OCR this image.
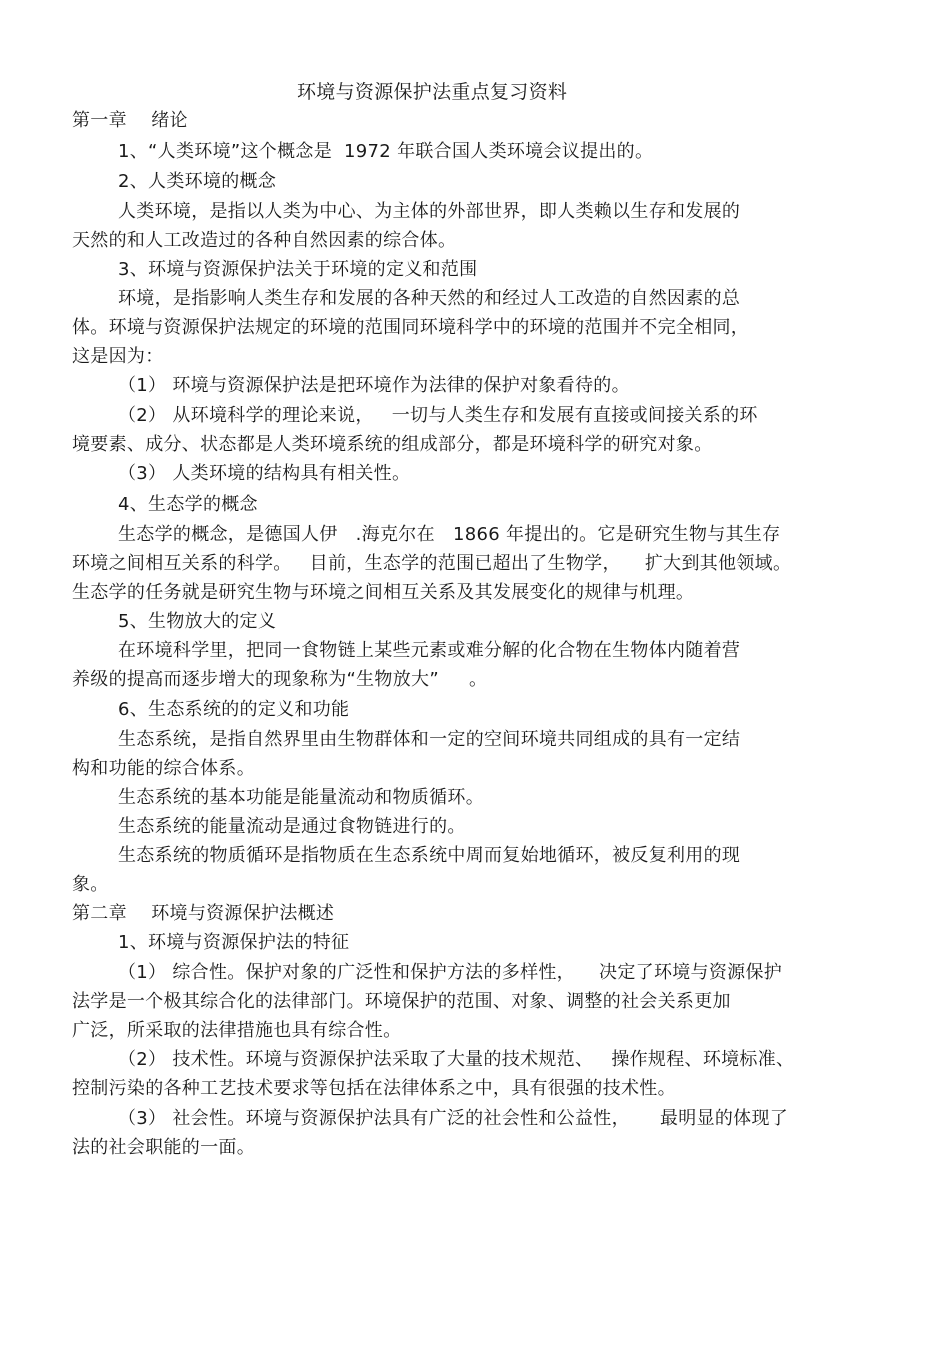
环境与资源保护法重点复习资料
第一章　 绪论
1、“人类环境”这个概念是  1972 年联合国人类环境会议提出的。
2、人类环境的概念
人类环境，是指以人类为中心、为主体的外部世界，即人类赖以生存和发展的
天然的和人工改造过的各种自然因素的综合体。
3、环境与资源保护法关于环境的定义和范围
环境，是指影响人类生存和发展的各种天然的和经过人工改造的自然因素的总
体。环境与资源保护法规定的环境的范围同环境科学中的环境的范围并不完全相同，
这是因为：
（1） 环境与资源保护法是把环境作为法律的保护对象看待的。
（2） 从环境科学的理论来说，   一切与人类生存和发展有直接或间接关系的环
境要素、成分、状态都是人类环境系统的组成部分，都是环境科学的研究对象。
（3） 人类环境的结构具有相关性。
4、生态学的概念
生态学的概念，是德国人伊   .海克尔在   1866 年提出的。它是研究生物与其生存
环境之间相互关系的科学。   目前，生态学的范围已超出了生物学，    扩大到其他领域。
生态学的任务就是研究生物与环境之间相互关系及其发展变化的规律与机理。
5、生物放大的定义
在环境科学里，把同一食物链上某些元素或难分解的化合物在生物体内随着营
养级的提高而逐步增大的现象称为“生物放大”     。
6、生态系统的的定义和功能
生态系统，是指自然界里由生物群体和一定的空间环境共同组成的具有一定结
构和功能的综合体系。
生态系统的基本功能是能量流动和物质循环。
生态系统的能量流动是通过食物链进行的。
生态系统的物质循环是指物质在生态系统中周而复始地循环，被反复利用的现
象。
第二章　 环境与资源保护法概述
1、环境与资源保护法的特征
（1） 综合性。保护对象的广泛性和保护方法的多样性，    决定了环境与资源保护
法学是一个极其综合化的法律部门。环境保护的范围、对象、调整的社会关系更加
广泛，所采取的法律措施也具有综合性。
（2） 技术性。环境与资源保护法采取了大量的技术规范、   操作规程、环境标准、
控制污染的各种工艺技术要求等包括在法律体系之中，具有很强的技术性。
（3） 社会性。环境与资源保护法具有广泛的社会性和公益性，     最明显的体现了
法的社会职能的一面。
